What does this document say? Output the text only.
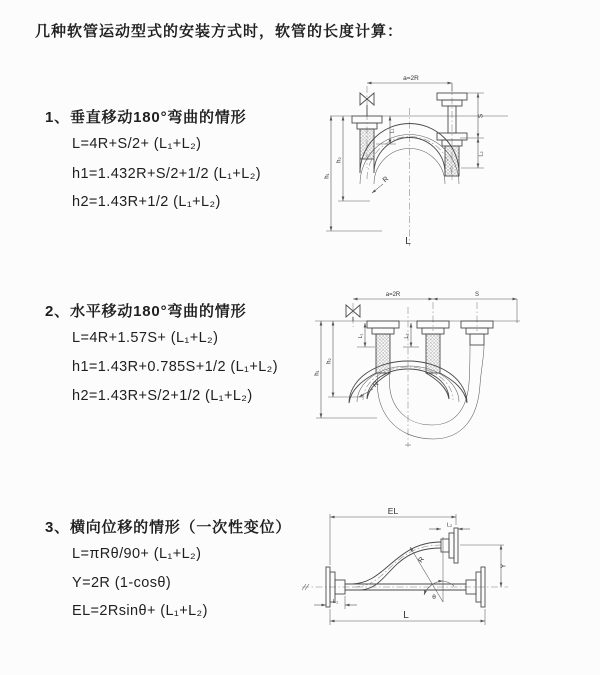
几种软管运动型式的安装方式时，软管的长度计算：
1、垂直移动180°弯曲的情形
L=4R+S/2+ (L₁+L₂)
h1=1.432R+S/2+1/2 (L₁+L₂)
h2=1.43R+1/2 (L₁+L₂)
2、水平移动180°弯曲的情形
L=4R+1.57S+ (L₁+L₂)
h1=1.43R+0.785S+1/2 (L₁+L₂)
h2=1.43R+S/2+1/2 (L₁+L₂)
3、横向位移的情形（一次性变位）
L=πRθ/90+ (L₁+L₂)
Y=2R (1-cosθ)
EL=2Rsinθ+ (L₁+L₂)
a=2R
h₂
h₁
L₁
S
L₂
R
L
a=2R	S
L₁	L₂
h₁
h₂
R
EL
L₂
Y
L
L₁
R
θ
